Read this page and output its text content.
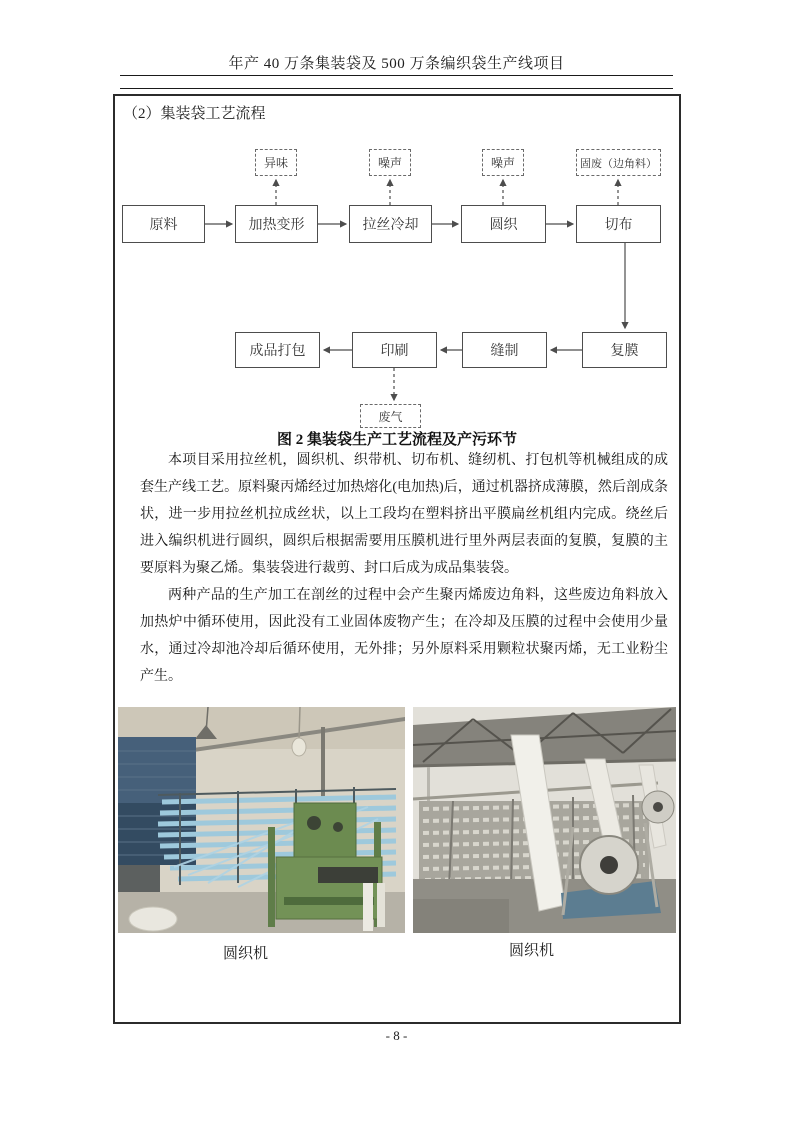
年产 40 万条集装袋及 500 万条编织袋生产线项目
（2）集装袋工艺流程
原料	加热变形	拉丝冷却	圆织	切布
异味	噪声	噪声	固废（边角料）
成品打包	印刷	缝制	复膜
废气
图 2 集装袋生产工艺流程及产污环节

本项目采用拉丝机，圆织机、织带机、切布机、缝纫机、打包机等机械组成的成套生产线工艺。原料聚丙烯经过加热熔化(电加热)后，通过机器挤成薄膜，然后剖成条状，进一步用拉丝机拉成丝状，以上工段均在塑料挤出平膜扁丝机组内完成。绕丝后进入编织机进行圆织，圆织后根据需要用压膜机进行里外两层表面的复膜，复膜的主要原料为聚乙烯。集装袋进行裁剪、封口后成为成品集装袋。

两种产品的生产加工在剖丝的过程中会产生聚丙烯废边角料，这些废边角料放入加热炉中循环使用，因此没有工业固体废物产生；在冷却及压膜的过程中会使用少量水，通过冷却池冷却后循环使用，无外排；另外原料采用颗粒状聚丙烯，无工业粉尘产生。

圆织机	圆织机
- 8 -
